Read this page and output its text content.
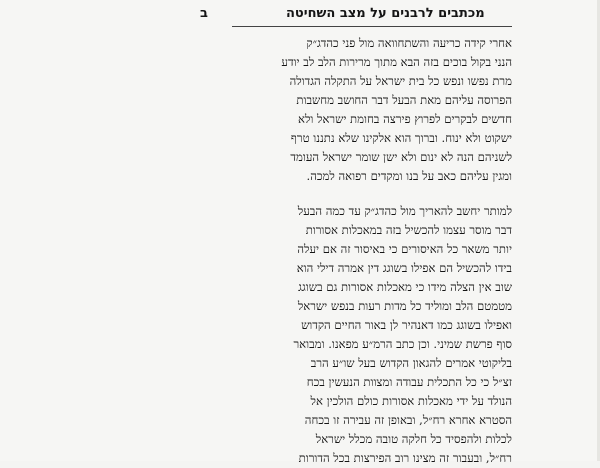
מכתבים לרבנים על מצב השחיטה
ב

אחרי קידה כריעה והשתחוואה מול פני כהדג״ק
הנני בקול בוכים בזה הבא מתוך מרירות הלב לב יודע
מרת נפשו ונפש כל בית ישראל על התקלה הגדולה
הפרוסה עליהם מאת הבעל דבר החושב מחשבות
חדשים לבקרים לפרוץ פירצה בחומת ישראל ולא
ישקוט ולא ינוח. וברוך הוא אלקינו שלא נתננו טרף
לשניהם הנה לא ינום ולא ישן שומר ישראל העומד
ומגין עליהם כאב על בנו ומקדים רפואה למכה.

למותר יחשב להאריך מול כהדג״ק עד כמה הבעל
דבר מוסר עצמו להכשיל בזה במאכלות אסורות
יותר משאר כל האיסורים כי באיסור זה אם יעלה
בידו להכשיל הם אפילו בשוגג דין אמרה דילי הוא
שוב אין הצלה מידו כי מאכלות אסורות גם בשוגג
מטמטם הלב ומוליד כל מדות רעות בנפש ישראל
ואפילו בשוגג כמו דאנהיר לן באור החיים הקדוש
סוף פרשת שמיני. וכן כתב הרמ״ע מפאנו. ומבואר
בליקוטי אמרים להגאון הקדוש בעל שו״ע הרב
זצ״ל כי כל התכלית עבודה ומצוות הנעשין בכח
הנולד על ידי מאכלות אסורות כולם הולכין אל
הסטרא אחרא רח״ל, ובאופן זה עבירה זו בכחה
לכלות ולהפסיד כל חלקה טובה מכלל ישראל
רח״ל, ובעבור זה מצינו רוב הפירצות בכל הדורות
